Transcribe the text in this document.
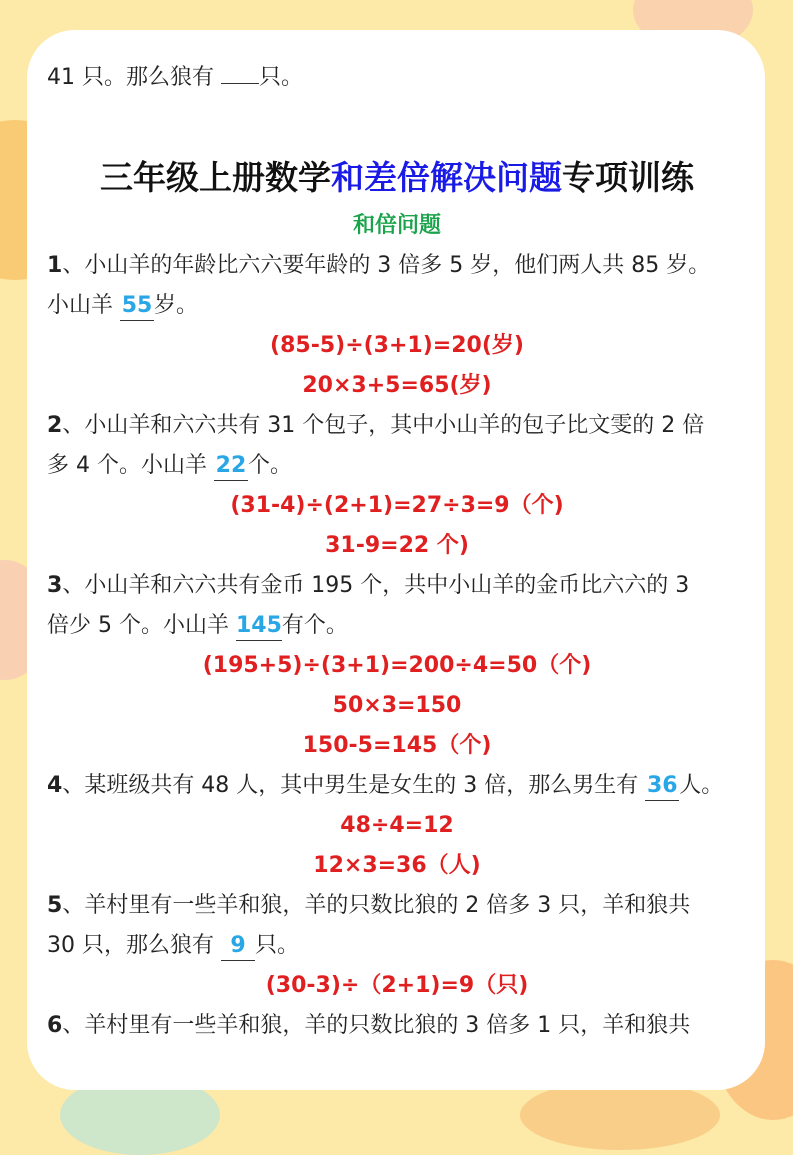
41 只。那么狼有 只。

三年级上册数学和差倍解决问题专项训练

和倍问题

1、小山羊的年龄比六六要年龄的 3 倍多 5 岁，他们两人共 85 岁。

小山羊 55岁。

(85-5)÷(3+1)=20(岁)

20×3+5=65(岁)

2、小山羊和六六共有 31 个包子，其中小山羊的包子比文雯的 2 倍

多 4 个。小山羊 22个。

(31-4)÷(2+1)=27÷3=9（个)

31-9=22 个)

3、小山羊和六六共有金币 195 个，共中小山羊的金币比六六的 3

倍少 5 个。小山羊 145有个。

(195+5)÷(3+1)=200÷4=50（个)

50×3=150

150-5=145（个)

4、某班级共有 48 人，其中男生是女生的 3 倍，那么男生有 36人。

48÷4=12

12×3=36（人)

5、羊村里有一些羊和狼，羊的只数比狼的 2 倍多 3 只，羊和狼共

30 只，那么狼有 9 只。

(30-3)÷（2+1)=9（只)

6、羊村里有一些羊和狼，羊的只数比狼的 3 倍多 1 只，羊和狼共
